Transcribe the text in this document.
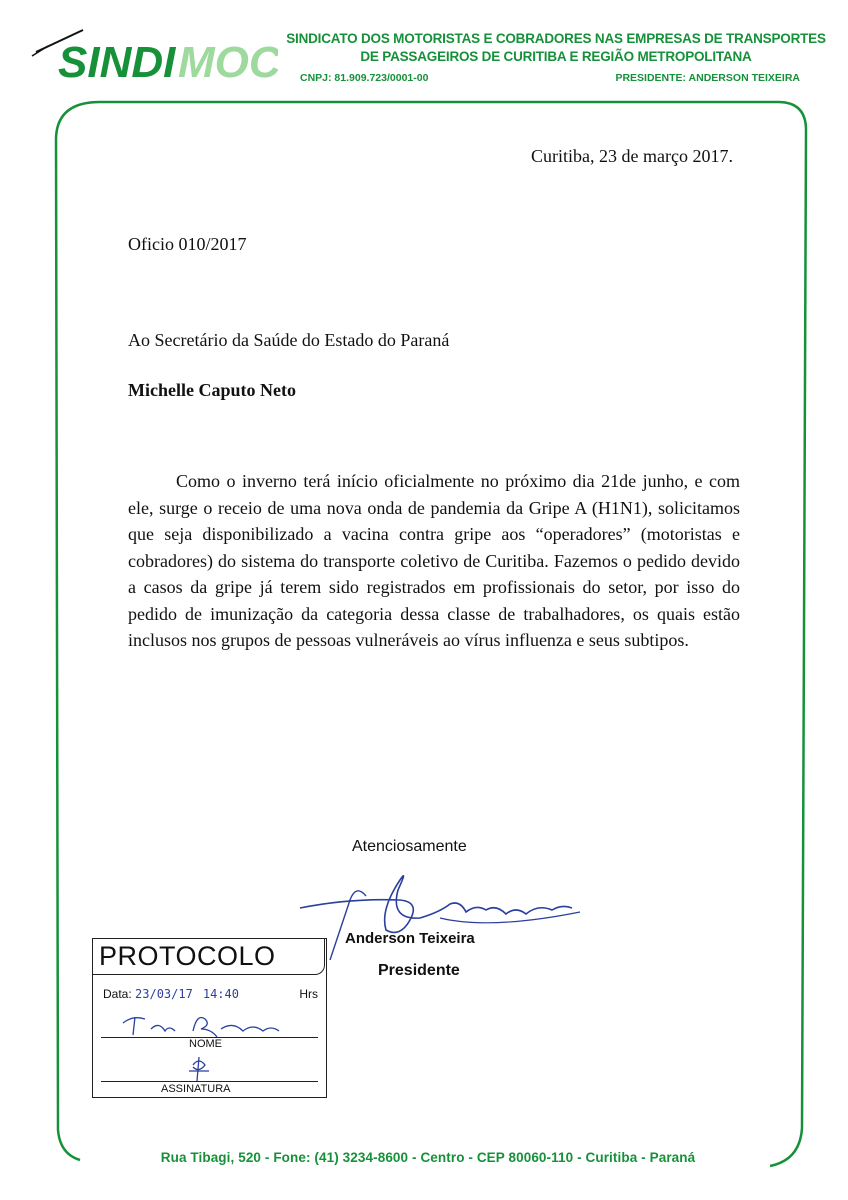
SINDI MOC SINDICATO DOS MOTORISTAS E COBRADORES NAS EMPRESAS DE TRANSPORTES
DE PASSAGEIROS DE CURITIBA E REGIÃO METROPOLITANA
CNPJ: 81.909.723/0001-00	PRESIDENTE: ANDERSON TEIXEIRA
Curitiba, 23 de março 2017.
Oficio 010/2017
Ao Secretário da Saúde do Estado do Paraná
Michelle Caputo Neto

Como o inverno terá início oficialmente no próximo dia 21de junho, e com ele, surge o receio de uma nova onda de pandemia da Gripe A (H1N1), solicitamos que seja disponibilizado a vacina contra gripe aos “operadores” (motoristas e cobradores) do sistema do transporte coletivo de Curitiba. Fazemos o pedido devido a casos da gripe já terem sido registrados em profissionais do setor, por isso do pedido de imunização da categoria dessa classe de trabalhadores, os quais estão inclusos nos grupos de pessoas vulneráveis ao vírus influenza e seus subtipos.

Atenciosamente
Anderson Teixeira
Presidente
PROTOCOLO
Data: 23/03/17 14:40	Hrs
NOME
ASSINATURA
Rua Tibagi, 520 - Fone: (41) 3234-8600 - Centro - CEP 80060-110 - Curitiba - Paraná
